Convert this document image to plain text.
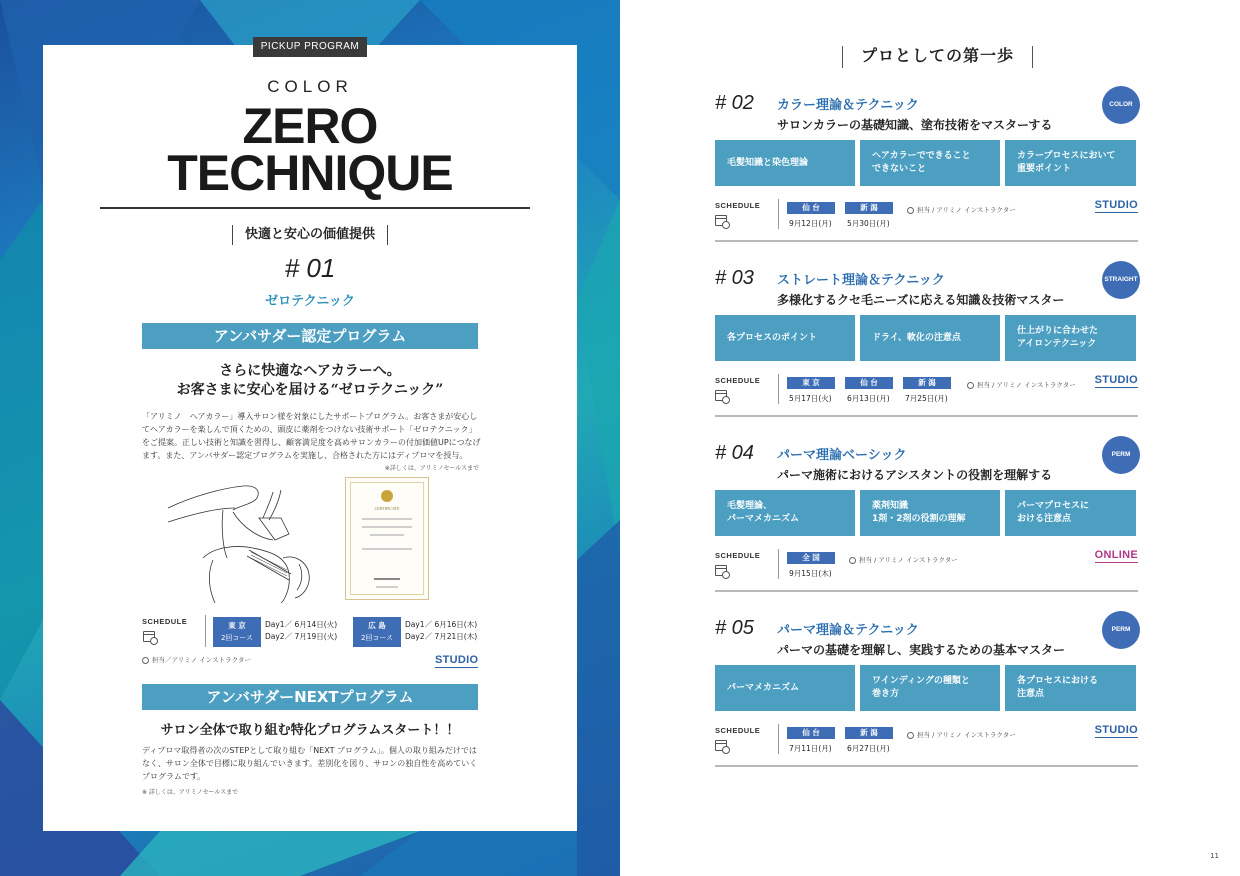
PICKUP PROGRAM
COLOR
ZERO
TECHNIQUE
快適と安心の価値提供
# 01
ゼロテクニック
アンバサダー認定プログラム
さらに快適なヘアカラーへ。
お客さまに安心を届ける“ゼロテクニック”
「アリミノ　ヘアカラー」導入サロン様を対象にしたサポートプログラム。お客さまが安心してヘアカラーを楽しんで頂くための、頭皮に薬剤をつけない技術サポート「ゼロテクニック」をご提案。正しい技術と知識を習得し、顧客満足度を高めサロンカラーの付加価値UPにつなげます。また、アンバサダー認定プログラムを実施し、合格された方にはディプロマを授与。
※詳しくは、アリミノセールスまで
CERTIFICATE
SCHEDULE	東 京
2回コース
Day1／ 6月14日(火)
Day2／ 7月19日(火)
広 島
2回コース
Day1／ 6月16日(木)
Day2／ 7月21日(木)
担当／アリミノ インストラクター	STUDIO
アンバサダーNEXTプログラム
サロン全体で取り組む特化プログラムスタート！！
ディプロマ取得者の次のSTEPとして取り組む「NEXT プログラム」。個人の取り組みだけではなく、サロン全体で目標に取り組んでいきます。差別化を図り、サロンの独自性を高めていくプログラムです。
※ 詳しくは、アリミノセールスまで
プロとしての第一歩
# 02 カラー理論＆テクニック
サロンカラーの基礎知識、塗布技術をマスターする
COLOR
毛髪知識と染色理論
ヘアカラーでできること
できないこと
カラープロセスにおいて
重要ポイント
SCHEDULE	仙 台
9月12日(月)
新 潟
5月30日(月)
担当 / アリミノ インストラクター	STUDIO
# 03 ストレート理論＆テクニック
多様化するクセ毛ニーズに応える知識＆技術マスター
STRAIGHT
各プロセスのポイント	ドライ、軟化の注意点
仕上がりに合わせた
アイロンテクニック
SCHEDULE	東 京
5月17日(火)
仙 台
6月13日(月)
新 潟
7月25日(月)
担当 / アリミノ インストラクター STUDIO
# 04 パーマ理論ベーシック
パーマ施術におけるアシスタントの役割を理解する
PERM
毛髪理論、
パーマメカニズム
薬剤知識
1剤・2剤の役割の理解
パーマプロセスに
おける注意点
SCHEDULE	全 国
9月15日(木)
担当 / アリミノ インストラクター	ONLINE
# 05 パーマ理論＆テクニック
パーマの基礎を理解し、実践するための基本マスター
PERM
パーマメカニズム
ワインディングの種類と
巻き方
各プロセスにおける
注意点
SCHEDULE	仙 台
7月11日(月)
新 潟
6月27日(月)
担当 / アリミノ インストラクター	STUDIO
11
